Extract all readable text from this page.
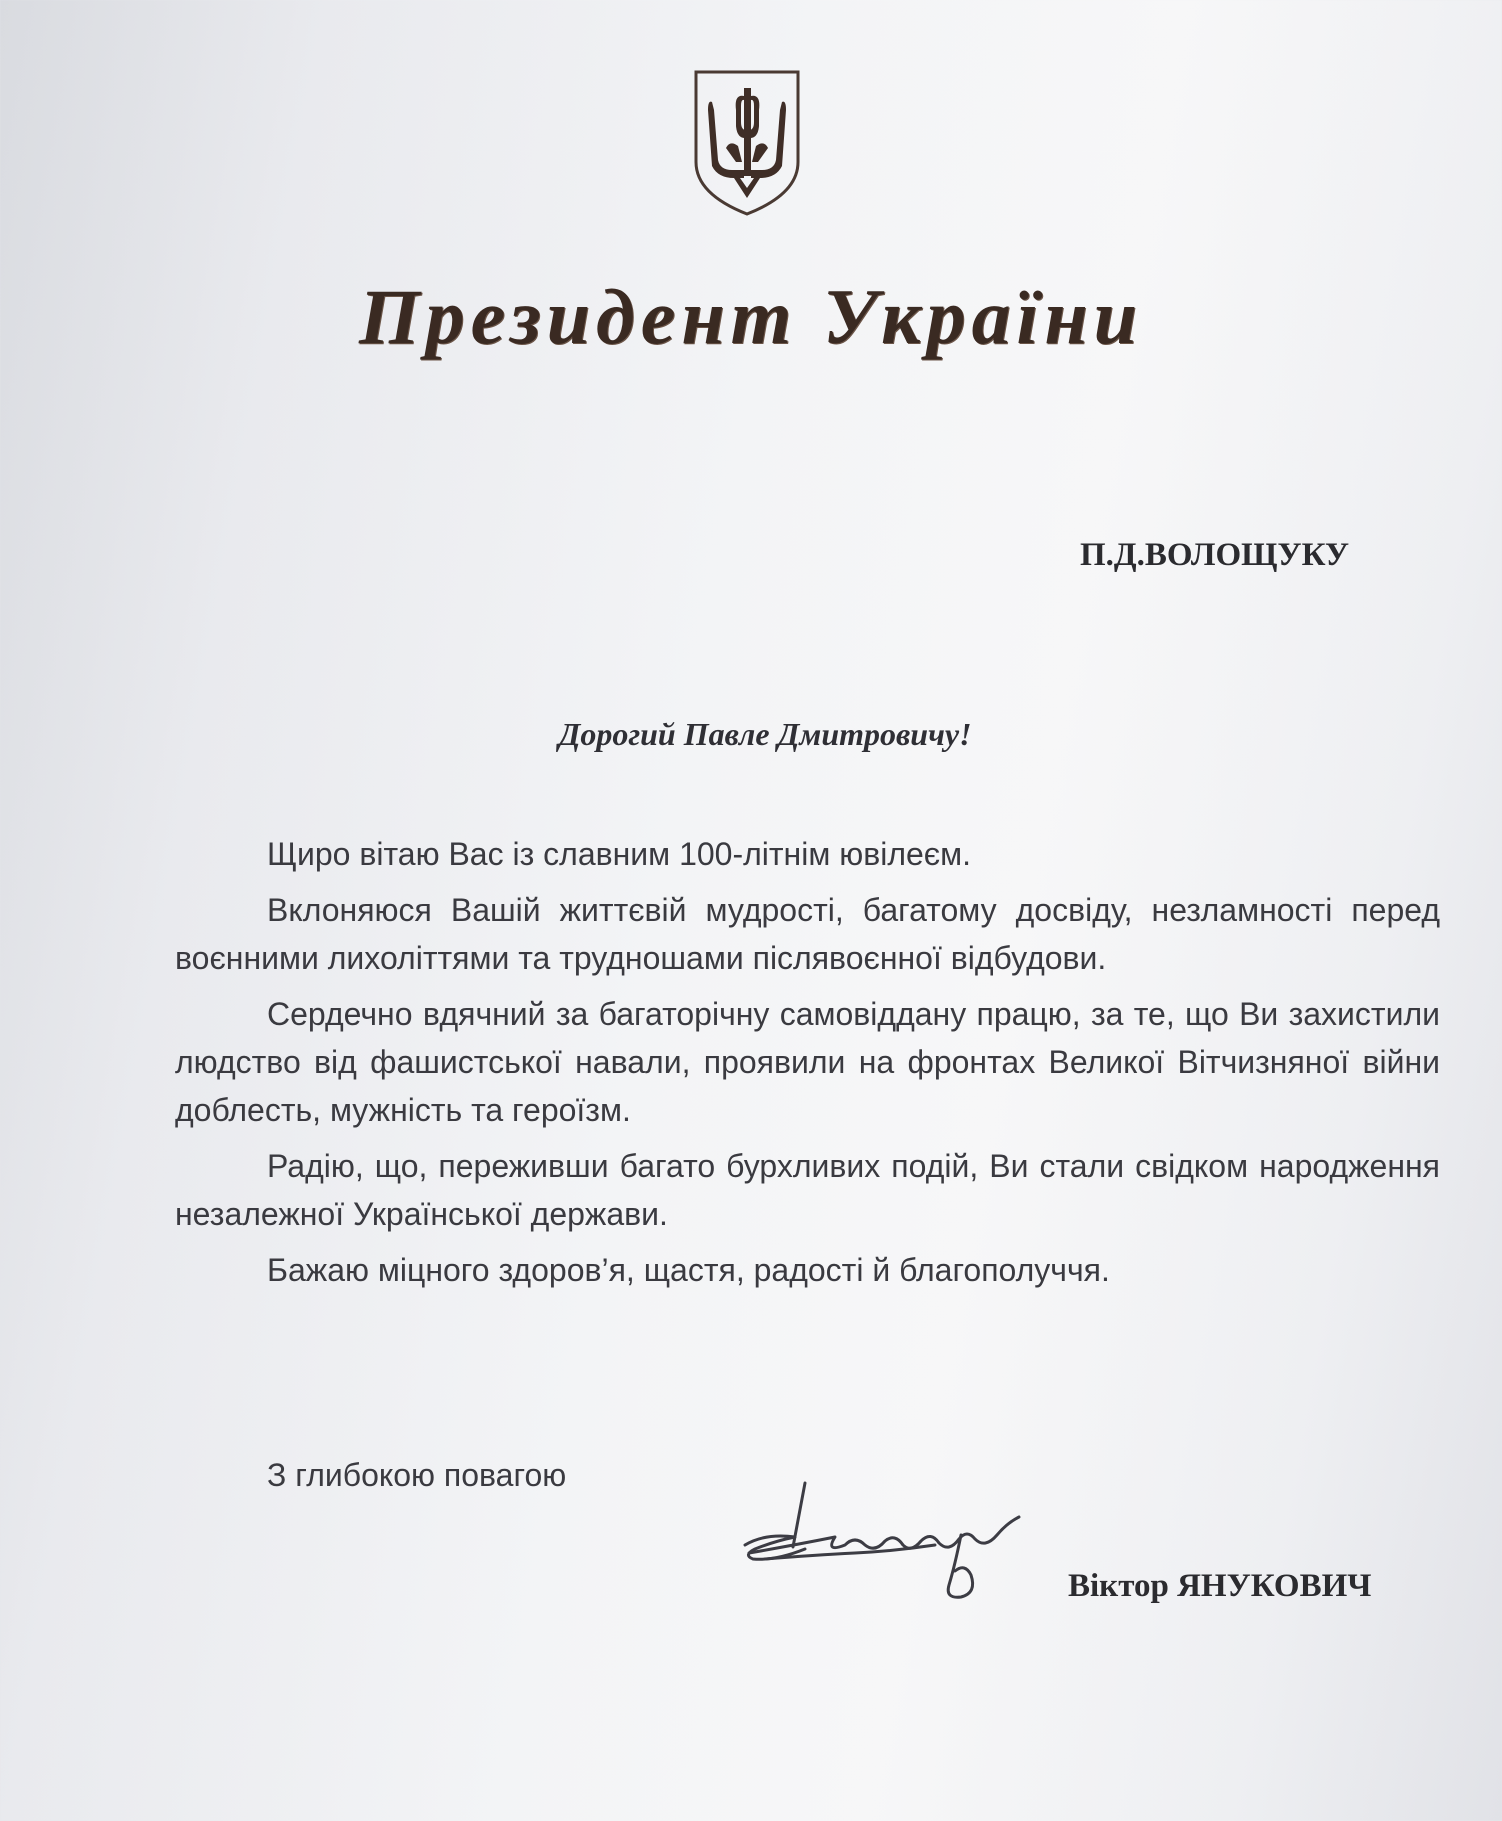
Президент України
П.Д.ВОЛОЩУКУ
Дорогий Павле Дмитровичу!

Щиро вітаю Вас із славним 100-літнім ювілеєм.

Вклоняюся Вашій життєвій мудрості, багатому досвіду, незламності перед воєнними лихоліттями та трудношами післявоєнної відбудови.

Сердечно вдячний за багаторічну самовіддану працю, за те, що Ви захистили людство від фашистської навали, проявили на фронтах Великої Вітчизняної війни доблесть, мужність та героїзм.

Радію, що, переживши багато бурхливих подій, Ви стали свідком народження незалежної Української держави.

Бажаю міцного здоров’я, щастя, радості й благополуччя.

З глибокою повагою
Віктор ЯНУКОВИЧ
